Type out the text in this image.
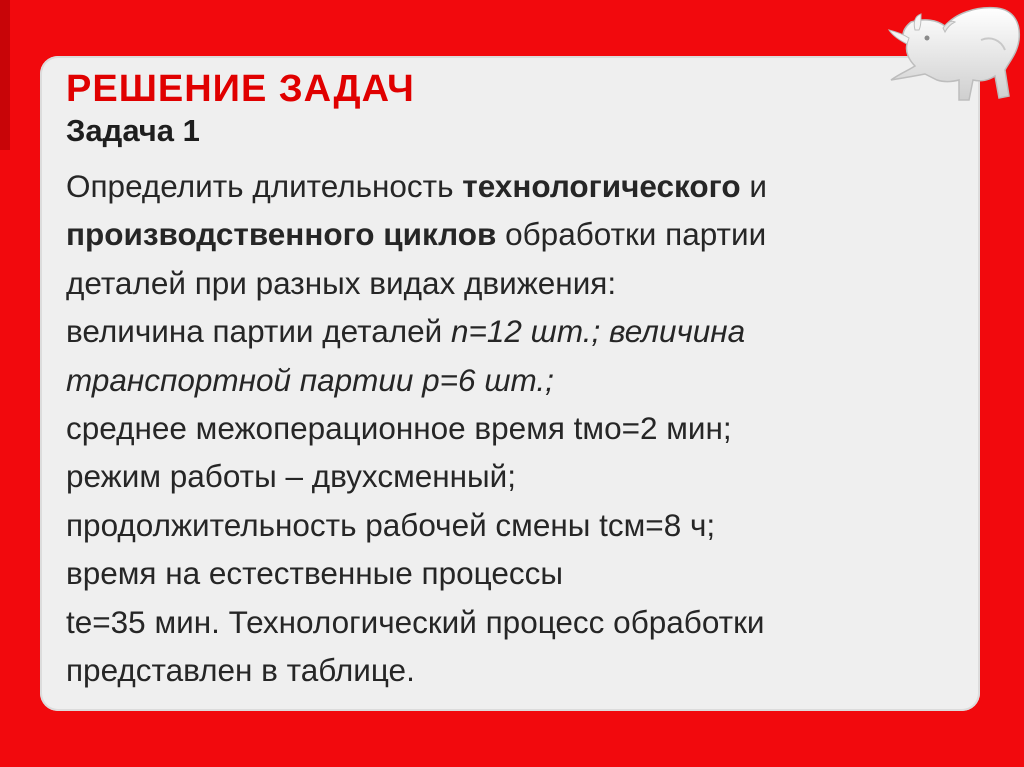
РЕШЕНИЕ ЗАДАЧ
Задача 1
Определить длительность технологического и
производственного циклов обработки партии
деталей при разных видах движения:
величина партии деталей n=12 шт.; величина
транспортной партии р=6 шт.;
среднее межоперационное время tмо=2 мин;
режим работы – двухсменный;
продолжительность рабочей смены tсм=8 ч;
время на естественные процессы
tе=35 мин. Технологический процесс обработки
представлен в таблице.
